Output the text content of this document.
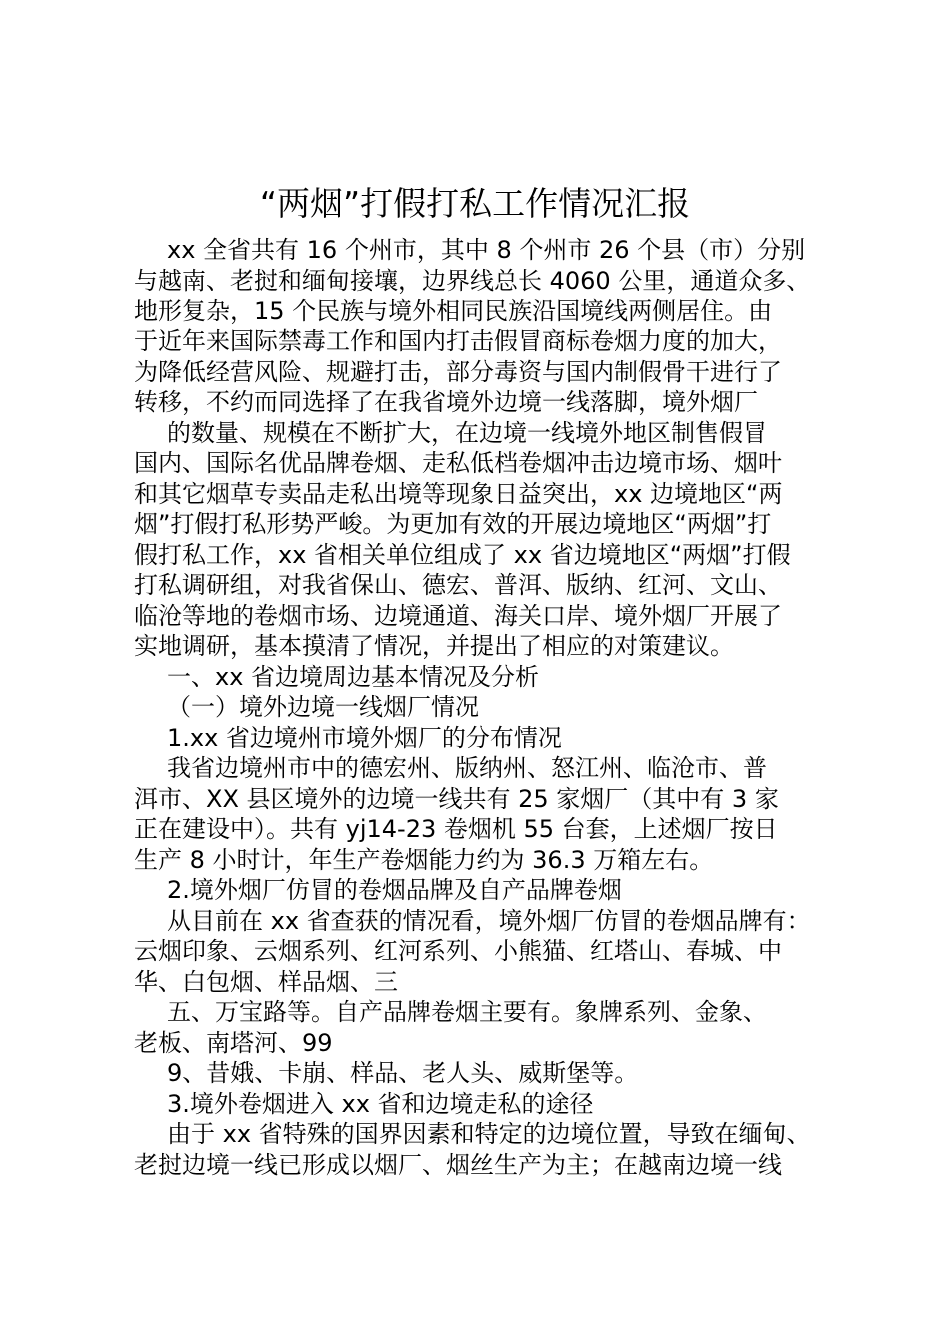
“两烟”打假打私工作情况汇报
xx 全省共有 16 个州市，其中 8 个州市 26 个县（市）分别
与越南、老挝和缅甸接壤，边界线总长 4060 公里，通道众多、
地形复杂，15 个民族与境外相同民族沿国境线两侧居住。由
于近年来国际禁毒工作和国内打击假冒商标卷烟力度的加大，
为降低经营风险、规避打击，部分毒资与国内制假骨干进行了
转移，不约而同选择了在我省境外边境一线落脚，境外烟厂
的数量、规模在不断扩大，在边境一线境外地区制售假冒
国内、国际名优品牌卷烟、走私低档卷烟冲击边境市场、烟叶
和其它烟草专卖品走私出境等现象日益突出，xx 边境地区“两
烟”打假打私形势严峻。为更加有效的开展边境地区“两烟”打
假打私工作，xx 省相关单位组成了 xx 省边境地区“两烟”打假
打私调研组，对我省保山、德宏、普洱、版纳、红河、文山、
临沧等地的卷烟市场、边境通道、海关口岸、境外烟厂开展了
实地调研，基本摸清了情况，并提出了相应的对策建议。
一、xx 省边境周边基本情况及分析
（一）境外边境一线烟厂情况
1.xx 省边境州市境外烟厂的分布情况
我省边境州市中的德宏州、版纳州、怒江州、临沧市、普
洱市、XX 县区境外的边境一线共有 25 家烟厂（其中有 3 家
正在建设中）。共有 yj14-23 卷烟机 55 台套，上述烟厂按日
生产 8 小时计，年生产卷烟能力约为 36.3 万箱左右。
2.境外烟厂仿冒的卷烟品牌及自产品牌卷烟
从目前在 xx 省查获的情况看，境外烟厂仿冒的卷烟品牌有：
云烟印象、云烟系列、红河系列、小熊猫、红塔山、春城、中
华、白包烟、样品烟、三
五、万宝路等。自产品牌卷烟主要有。象牌系列、金象、
老板、南塔河、99
9、昔娥、卡崩、样品、老人头、威斯堡等。
3.境外卷烟进入 xx 省和边境走私的途径
由于 xx 省特殊的国界因素和特定的边境位置，导致在缅甸、
老挝边境一线已形成以烟厂、烟丝生产为主；在越南边境一线
